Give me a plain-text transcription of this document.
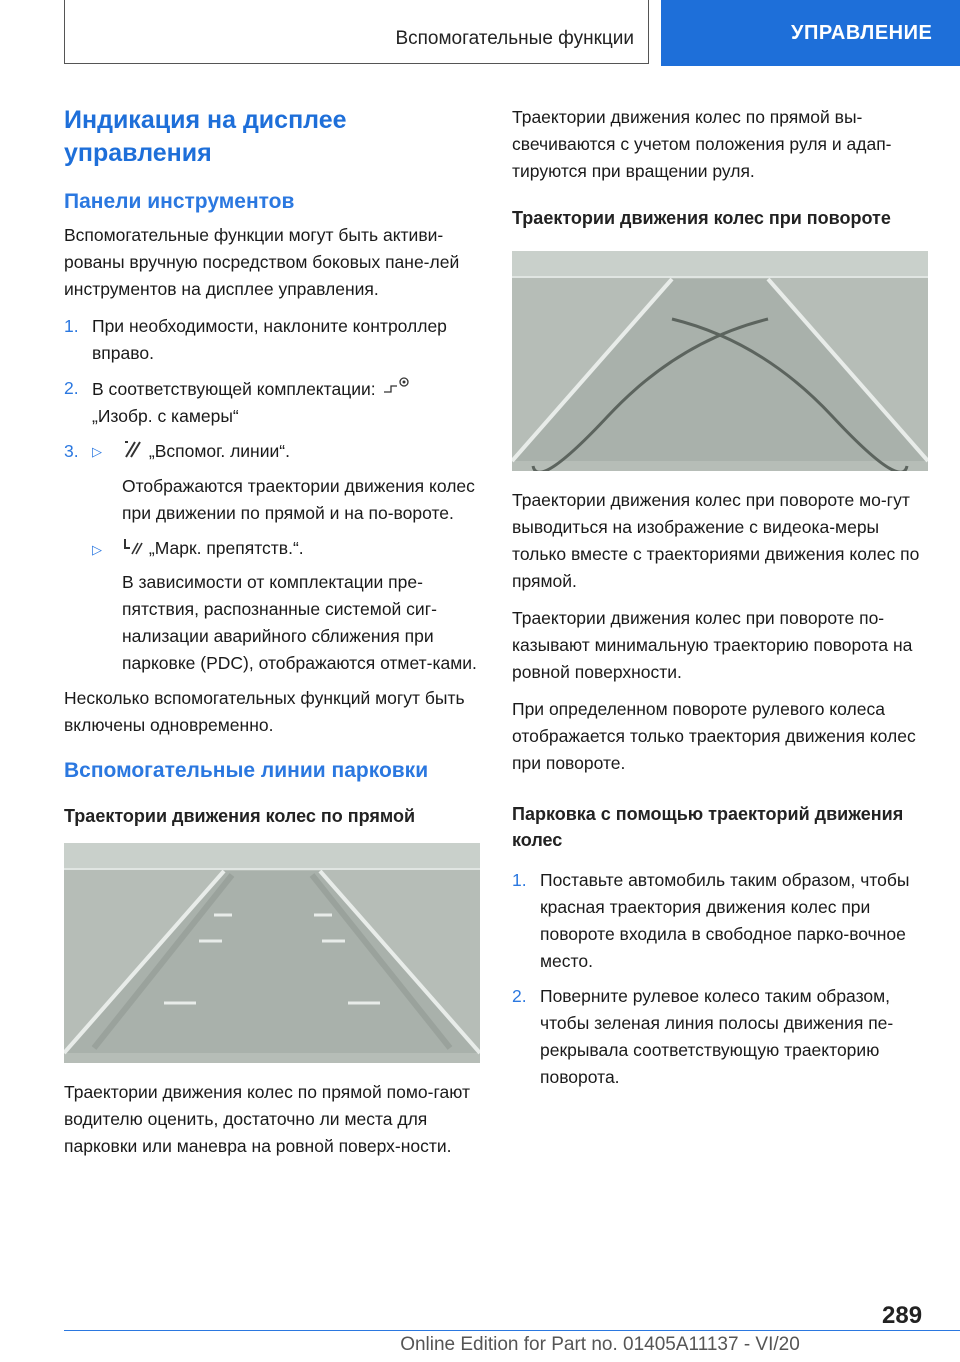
Вспомогательные функции	УПРАВЛЕНИЕ
Индикация на дисплее управления
Панели инструментов

Вспомогательные функции могут быть активи-рованы вручную посредством боковых пане-лей инструментов на дисплее управления.

1. При необходимости, наклоните контроллер вправо.
2. В соответствующей комплектации:
„Изобр. с камеры“
3.	▷	„Вспомог. линии“.
Отображаются траектории движения колес при движении по прямой и на по-вороте.
▷	„Марк. препятств.“.
В зависимости от комплектации пре-пятствия, распознанные системой сиг-нализации аварийного сближения при парковке (PDC), отображаются отмет-ками.

Несколько вспомогательных функций могут быть включены одновременно.

Вспомогательные линии парковки
Траектории движения колес по прямой

Траектории движения колес по прямой помо-гают водителю оценить, достаточно ли места для парковки или маневра на ровной поверх-ности.

Траектории движения колес по прямой вы-свечиваются с учетом положения руля и адап-тируются при вращении руля.

Траектории движения колес при повороте

Траектории движения колес при повороте мо-гут выводиться на изображение с видеока-меры только вместе с траекториями движения колес по прямой.

Траектории движения колес при повороте по-казывают минимальную траекторию поворота на ровной поверхности.

При определенном повороте рулевого колеса отображается только траектория движения колес при повороте.

Парковка с помощью траекторий движения колес
1. Поставьте автомобиль таким образом, чтобы красная траектория движения колес при повороте входила в свободное парко-вочное место.
2. Поверните рулевое колесо таким образом, чтобы зеленая линия полосы движения пе-рекрывала соответствующую траекторию поворота.
289
Online Edition for Part no. 01405A11137 - VI/20
